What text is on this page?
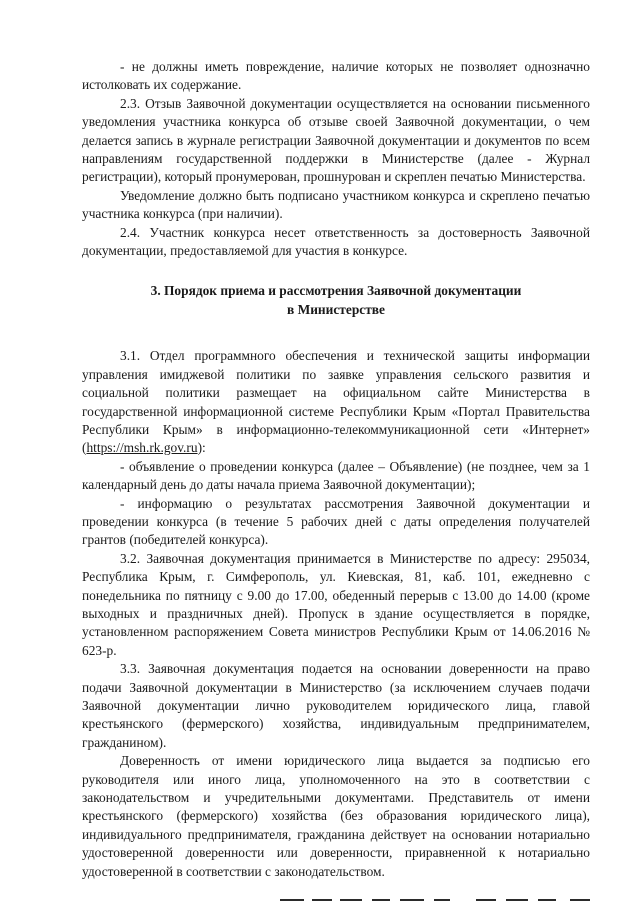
- не должны иметь повреждение, наличие которых не позволяет однозначно истолковать их содержание.

2.3. Отзыв Заявочной документации осуществляется на основании письменного уведомления участника конкурса об отзыве своей Заявочной документации, о чем делается запись в журнале регистрации Заявочной документации и документов по всем направлениям государственной поддержки в Министерстве (далее - Журнал регистрации), который пронумерован, прошнурован и скреплен печатью Министерства.

Уведомление должно быть подписано участником конкурса и скреплено печатью участника конкурса (при наличии).

2.4. Участник конкурса несет ответственность за достоверность Заявочной документации, предоставляемой для участия в конкурсе.

3. Порядок приема и рассмотрения Заявочной документации
в Министерстве

3.1. Отдел программного обеспечения и технической защиты информации управления имиджевой политики по заявке управления сельского развития и социальной политики размещает на официальном сайте Министерства в государственной информационной системе Республики Крым «Портал Правительства Республики Крым» в информационно-телекоммуникационной сети «Интернет» (https://msh.rk.gov.ru):

- объявление о проведении конкурса (далее – Объявление) (не позднее, чем за 1 календарный день до даты начала приема Заявочной документации);

- информацию о результатах рассмотрения Заявочной документации и проведении конкурса (в течение 5 рабочих дней с даты определения получателей грантов (победителей конкурса).

3.2. Заявочная документация принимается в Министерстве по адресу: 295034, Республика Крым, г. Симферополь, ул. Киевская, 81, каб. 101, ежедневно с понедельника по пятницу с 9.00 до 17.00, обеденный перерыв с 13.00 до 14.00 (кроме выходных и праздничных дней). Пропуск в здание осуществляется в порядке, установленном распоряжением Совета министров Республики Крым от 14.06.2016 № 623-р.

3.3. Заявочная документация подается на основании доверенности на право подачи Заявочной документации в Министерство (за исключением случаев подачи Заявочной документации лично руководителем юридического лица, главой крестьянского (фермерского) хозяйства, индивидуальным предпринимателем, гражданином).

Доверенность от имени юридического лица выдается за подписью его руководителя или иного лица, уполномоченного на это в соответствии с законодательством и учредительными документами. Представитель от имени крестьянского (фермерского) хозяйства (без образования юридического лица), индивидуального предпринимателя, гражданина действует на основании нотариально удостоверенной доверенности или доверенности, приравненной к нотариально удостоверенной в соответствии с законодательством.
